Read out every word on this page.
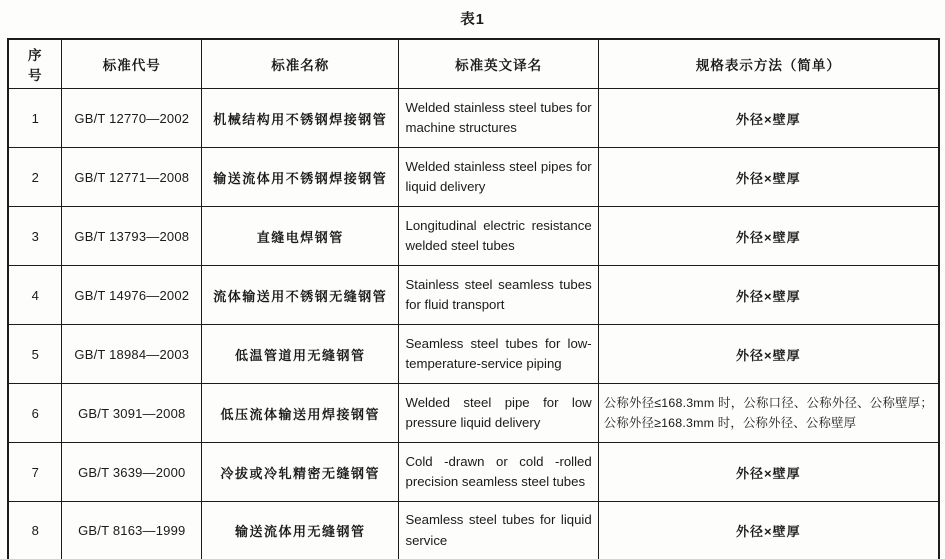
表1
序　号	标准代号	标准名称	标准英文译名	规格表示方法（简单）
1	GB/T 12770—2002	机械结构用不锈钢焊接钢管	Welded stainless steel tubes for machine structures	外径×壁厚
2	GB/T 12771—2008	输送流体用不锈钢焊接钢管	Welded stainless steel pipes for liquid delivery	外径×壁厚
3	GB/T 13793—2008	直缝电焊钢管	Longitudinal electric resistance welded steel tubes	外径×壁厚
4	GB/T 14976—2002	流体输送用不锈钢无缝钢管	Stainless steel seamless tubes for fluid transport	外径×壁厚
5	GB/T 18984—2003	低温管道用无缝钢管	Seamless steel tubes for low-temperature-service piping	外径×壁厚
6	GB/T 3091—2008	低压流体输送用焊接钢管	Welded steel pipe for low pressure liquid delivery	公称外径≤168.3mm 时，公称口径、公称外径、公称壁厚；公称外径≥168.3mm 时，公称外径、公称壁厚
7	GB/T 3639—2000	冷拔或冷轧精密无缝钢管	Cold -drawn or cold -rolled precision seamless steel tubes	外径×壁厚
8	GB/T 8163—1999	输送流体用无缝钢管	Seamless steel tubes for liquid service	外径×壁厚
